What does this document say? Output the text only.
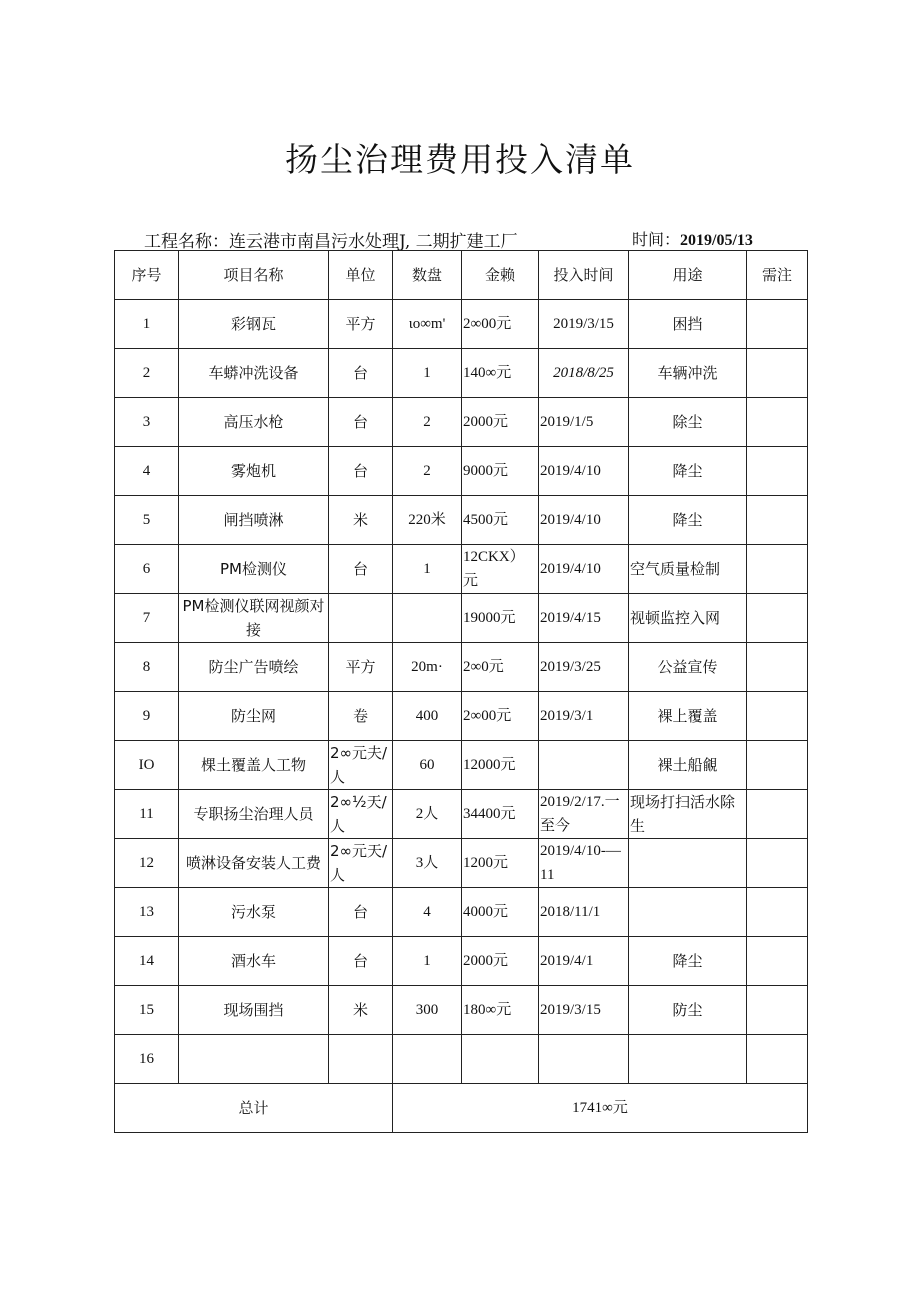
扬尘治理费用投入清单
工程名称：连云港市南昌污水处理J, 二期扩建工厂	时间：2019/05/13
序号	项目名称	单位	数盘	金赖	投入时间	用途	需注
1	彩钢瓦	平方	ιo∞m'	2∞00元	2019/3/15	困挡	
2	车蟒冲洗设备	台	1	140∞元	2018/8/25	车辆冲洗	
3	高压水枪	台	2	2000元	2019/1/5	除尘	
4	雾炮机	台	2	9000元	2019/4/10	降尘	
5	闸挡喷淋	米	220米	4500元	2019/4/10	降尘	
6	PM检测仪	台	1	12CKX）元	2019/4/10	空气质量检制	
7	PM检测仪联网视颜对接			19000元	2019/4/15	视顿监控入网	
8	防尘广告喷绘	平方	20m·	2∞0元	2019/3/25	公益宣传	
9	防尘网	卷	400	2∞00元	2019/3/1	裸上覆盖	
IO	棵土覆盖人工物	2∞元夫/人	60	12000元		裸土船覦	
11	专职扬尘治理人员	2∞½天/人	2人	34400元	2019/2/17.一至今	现场打扫活水除生	
12	喷淋设备安装人工费	2∞元天/人	3人	1200元	2019/4/10-—11		
13	污水泵	台	4	4000元	2018/11/1		
14	酒水车	台	1	2000元	2019/4/1	降尘	
15	现场围挡	米	300	180∞元	2019/3/15	防尘	
16							
总计			1741∞元				
